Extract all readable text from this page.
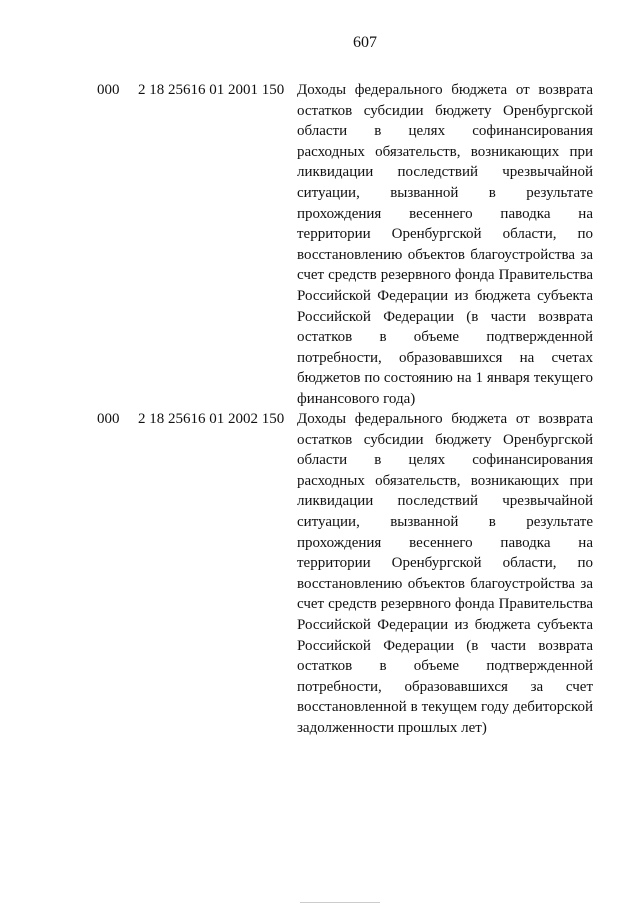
607
000 2 18 25616 01 2001 150 Доходы федерального бюджета от возврата остатков субсидии бюджету Оренбургской области в целях софинансирования расходных обязательств, возникающих при ликвидации последствий чрезвычайной ситуации, вызванной в результате прохождения весеннего паводка на территории Оренбургской области, по восстановлению объектов благоустройства за счет средств резервного фонда Правительства Российской Федерации из бюджета субъекта Российской Федерации (в части возврата остатков в объеме подтвержденной потребности, образовавшихся на счетах бюджетов по состоянию на 1 января текущего финансового года)
000 2 18 25616 01 2002 150 Доходы федерального бюджета от возврата остатков субсидии бюджету Оренбургской области в целях софинансирования расходных обязательств, возникающих при ликвидации последствий чрезвычайной ситуации, вызванной в результате прохождения весеннего паводка на территории Оренбургской области, по восстановлению объектов благоустройства за счет средств резервного фонда Правительства Российской Федерации из бюджета субъекта Российской Федерации (в части возврата остатков в объеме подтвержденной потребности, образовавшихся за счет восстановленной в текущем году дебиторской задолженности прошлых лет)
